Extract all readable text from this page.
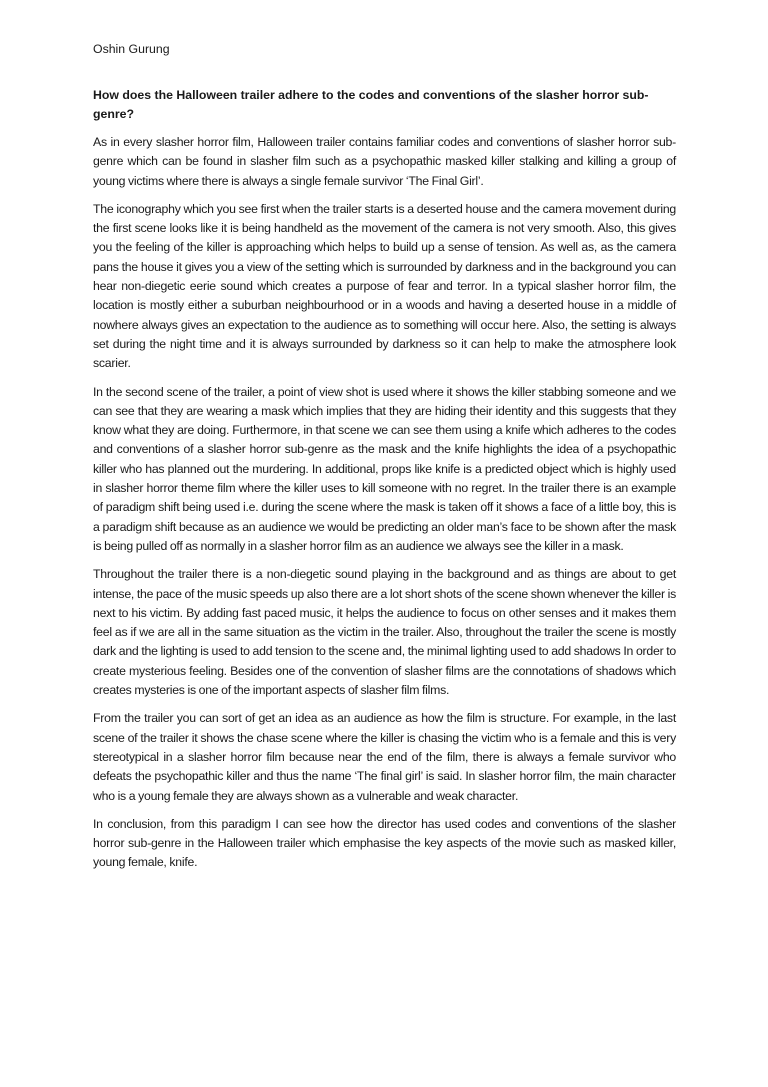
Oshin Gurung
How does the Halloween trailer adhere to the codes and conventions of the slasher horror sub-genre?

As in every slasher horror film, Halloween trailer contains familiar codes and conventions of slasher horror sub-genre which can be found in slasher film such as a psychopathic masked killer stalking and killing a group of young victims where there is always a single female survivor ‘The Final Girl’.

The iconography which you see first when the trailer starts is a deserted house and the camera movement during the first scene looks like it is being handheld as the movement of the camera is not very smooth. Also, this gives you the feeling of the killer is approaching which helps to build up a sense of tension. As well as, as the camera pans the house it gives you a view of the setting which is surrounded by darkness and in the background you can hear non-diegetic eerie sound which creates a purpose of fear and terror. In a typical slasher horror film, the location is mostly either a suburban neighbourhood or in a woods and having a deserted house in a middle of nowhere always gives an expectation to the audience as to something will occur here. Also, the setting is always set during the night time and it is always surrounded by darkness so it can help to make the atmosphere look scarier.

In the second scene of the trailer, a point of view shot is used where it shows the killer stabbing someone and we can see that they are wearing a mask which implies that they are hiding their identity and this suggests that they know what they are doing. Furthermore, in that scene we can see them using a knife which adheres to the codes and conventions of a slasher horror sub-genre as the mask and the knife highlights the idea of a psychopathic killer who has planned out the murdering. In additional, props like knife is a predicted object which is highly used in slasher horror theme film where the killer uses to kill someone with no regret. In the trailer there is an example of paradigm shift being used i.e. during the scene where the mask is taken off it shows a face of a little boy, this is a paradigm shift because as an audience we would be predicting an older man’s face to be shown after the mask is being pulled off as normally in a slasher horror film as an audience we always see the killer in a mask.

Throughout the trailer there is a non-diegetic sound playing in the background and as things are about to get intense, the pace of the music speeds up also there are a lot short shots of the scene shown whenever the killer is next to his victim. By adding fast paced music, it helps the audience to focus on other senses and it makes them feel as if we are all in the same situation as the victim in the trailer. Also, throughout the trailer the scene is mostly dark and the lighting is used to add tension to the scene and, the minimal lighting used to add shadows In order to create mysterious feeling. Besides one of the convention of slasher films are the connotations of shadows which creates mysteries is one of the important aspects of slasher film films.

From the trailer you can sort of get an idea as an audience as how the film is structure. For example, in the last scene of the trailer it shows the chase scene where the killer is chasing the victim who is a female and this is very stereotypical in a slasher horror film because near the end of the film, there is always a female survivor who defeats the psychopathic killer and thus the name ‘The final girl’ is said. In slasher horror film, the main character who is a young female they are always shown as a vulnerable and weak character.

In conclusion, from this paradigm I can see how the director has used codes and conventions of the slasher horror sub-genre in the Halloween trailer which emphasise the key aspects of the movie such as masked killer, young female, knife.
